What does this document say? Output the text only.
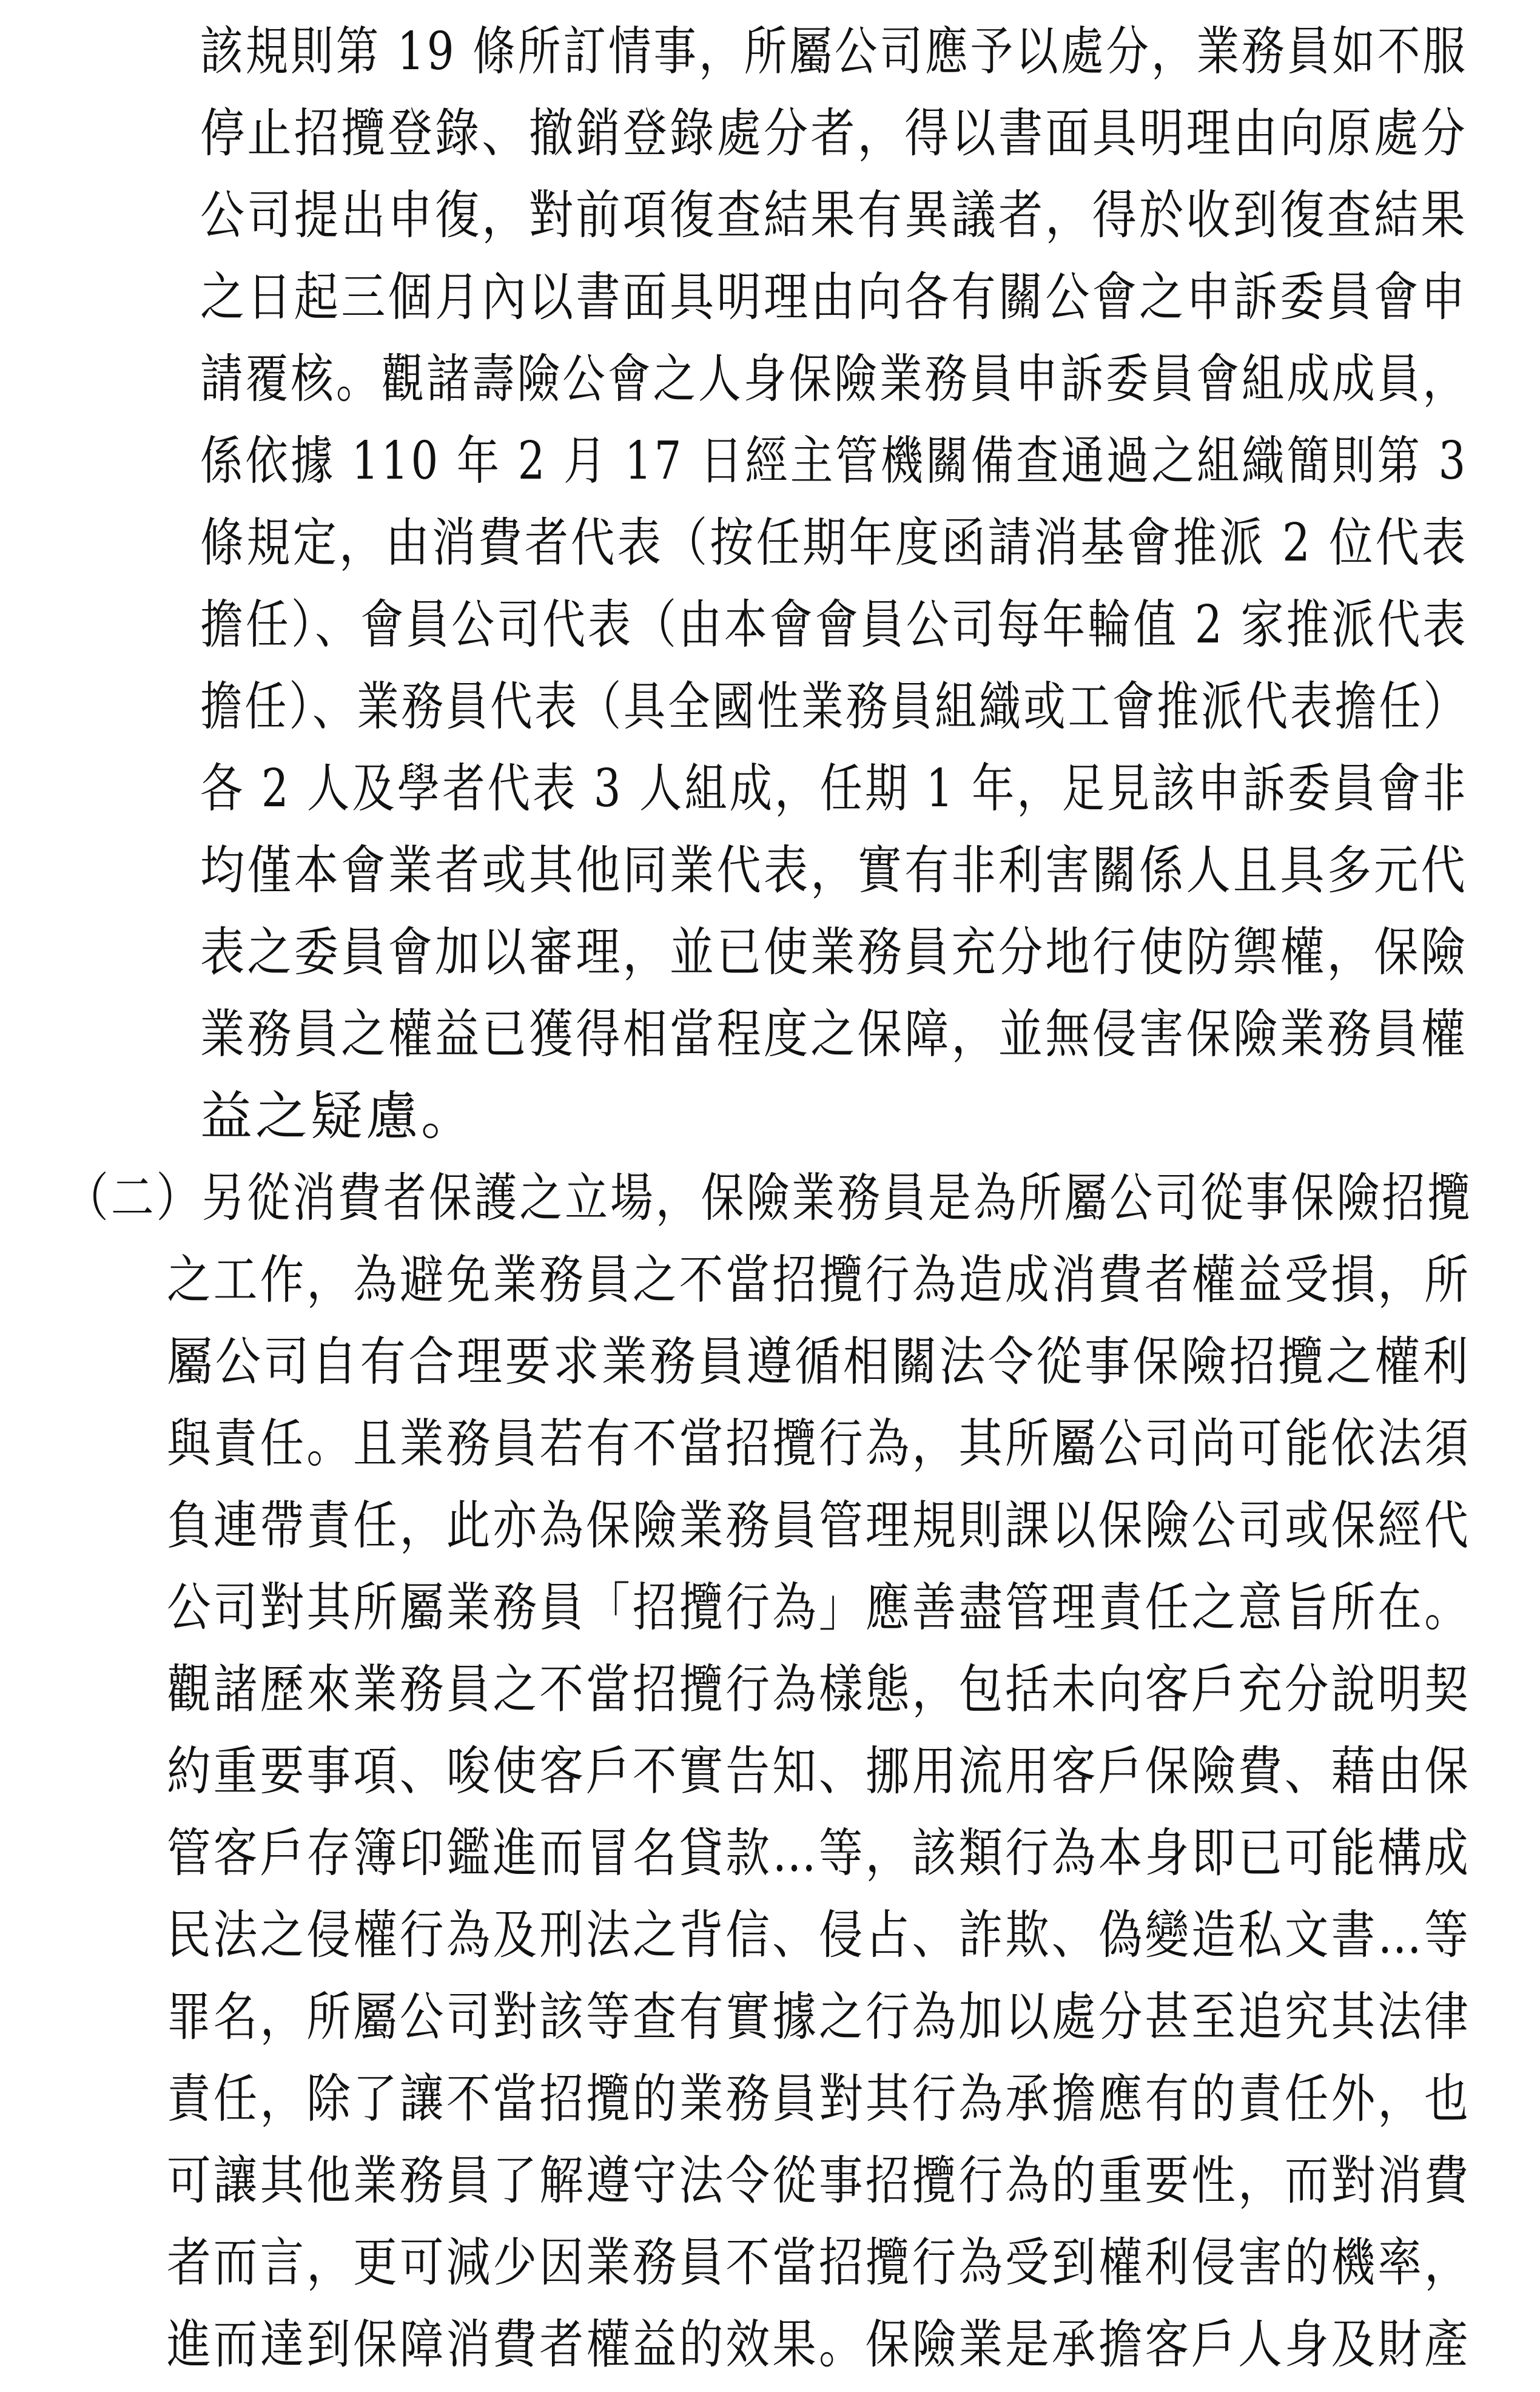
該規則第 19 條所訂情事，所屬公司應予以處分，業務員如不服
停止招攬登錄、撤銷登錄處分者，得以書面具明理由向原處分
公司提出申復，對前項復查結果有異議者，得於收到復查結果
之日起三個月內以書面具明理由向各有關公會之申訴委員會申
請覆核。觀諸壽險公會之人身保險業務員申訴委員會組成成員，
係依據 110 年 2 月 17 日經主管機關備查通過之組織簡則第 3
條規定，由消費者代表（按任期年度函請消基會推派 2 位代表
擔任）、會員公司代表（由本會會員公司每年輪值 2 家推派代表
擔任）、業務員代表（具全國性業務員組織或工會推派代表擔任）
各 2 人及學者代表 3 人組成，任期 1 年，足見該申訴委員會非
均僅本會業者或其他同業代表，實有非利害關係人且具多元代
表之委員會加以審理，並已使業務員充分地行使防禦權，保險
業務員之權益已獲得相當程度之保障，並無侵害保險業務員權
益之疑慮。
（二）另從消費者保護之立場，保險業務員是為所屬公司從事保險招攬
之工作，為避免業務員之不當招攬行為造成消費者權益受損，所
屬公司自有合理要求業務員遵循相關法令從事保險招攬之權利
與責任。且業務員若有不當招攬行為，其所屬公司尚可能依法須
負連帶責任，此亦為保險業務員管理規則課以保險公司或保經代
公司對其所屬業務員「招攬行為」應善盡管理責任之意旨所在。
觀諸歷來業務員之不當招攬行為樣態，包括未向客戶充分說明契
約重要事項、唆使客戶不實告知、挪用流用客戶保險費、藉由保
管客戶存簿印鑑進而冒名貸款…等，該類行為本身即已可能構成
民法之侵權行為及刑法之背信、侵占、詐欺、偽變造私文書…等
罪名，所屬公司對該等查有實據之行為加以處分甚至追究其法律
責任，除了讓不當招攬的業務員對其行為承擔應有的責任外，也
可讓其他業務員了解遵守法令從事招攬行為的重要性，而對消費
者而言，更可減少因業務員不當招攬行為受到權利侵害的機率，
進而達到保障消費者權益的效果。保險業是承擔客戶人身及財產
